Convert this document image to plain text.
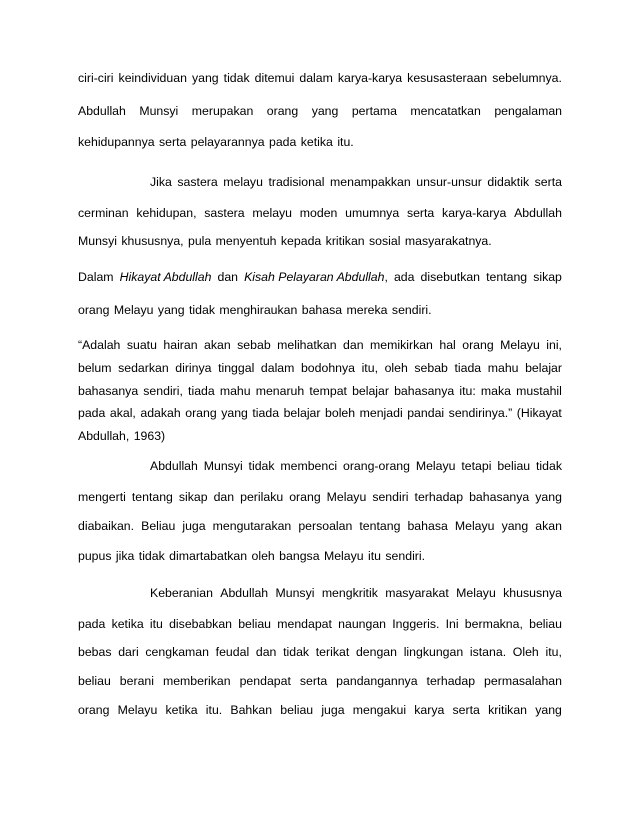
ciri-ciri keindividuan yang tidak ditemui dalam karya-karya kesusasteraan sebelumnya.
Abdullah Munsyi merupakan orang yang pertama mencatatkan pengalaman
kehidupannya serta pelayarannya pada ketika itu.
Jika sastera melayu tradisional menampakkan unsur-unsur didaktik serta
cerminan kehidupan, sastera melayu moden umumnya serta karya-karya Abdullah
Munsyi khususnya, pula menyentuh kepada kritikan sosial masyarakatnya.
Dalam Hikayat Abdullah dan Kisah Pelayaran Abdullah, ada disebutkan tentang sikap
orang Melayu yang tidak menghiraukan bahasa mereka sendiri.
“Adalah suatu hairan akan sebab melihatkan dan memikirkan hal orang Melayu ini,
belum sedarkan dirinya tinggal dalam bodohnya itu, oleh sebab tiada mahu belajar
bahasanya sendiri, tiada mahu menaruh tempat belajar bahasanya itu: maka mustahil
pada akal, adakah orang yang tiada belajar boleh menjadi pandai sendirinya.” (Hikayat
Abdullah, 1963)
Abdullah Munsyi tidak membenci orang-orang Melayu tetapi beliau tidak
mengerti tentang sikap dan perilaku orang Melayu sendiri terhadap bahasanya yang
diabaikan. Beliau juga mengutarakan persoalan tentang bahasa Melayu yang akan
pupus jika tidak dimartabatkan oleh bangsa Melayu itu sendiri.
Keberanian Abdullah Munsyi mengkritik masyarakat Melayu khususnya
pada ketika itu disebabkan beliau mendapat naungan Inggeris. Ini bermakna, beliau
bebas dari cengkaman feudal dan tidak terikat dengan lingkungan istana. Oleh itu,
beliau berani memberikan pendapat serta pandangannya terhadap permasalahan
orang Melayu ketika itu. Bahkan beliau juga mengakui karya serta kritikan yang
